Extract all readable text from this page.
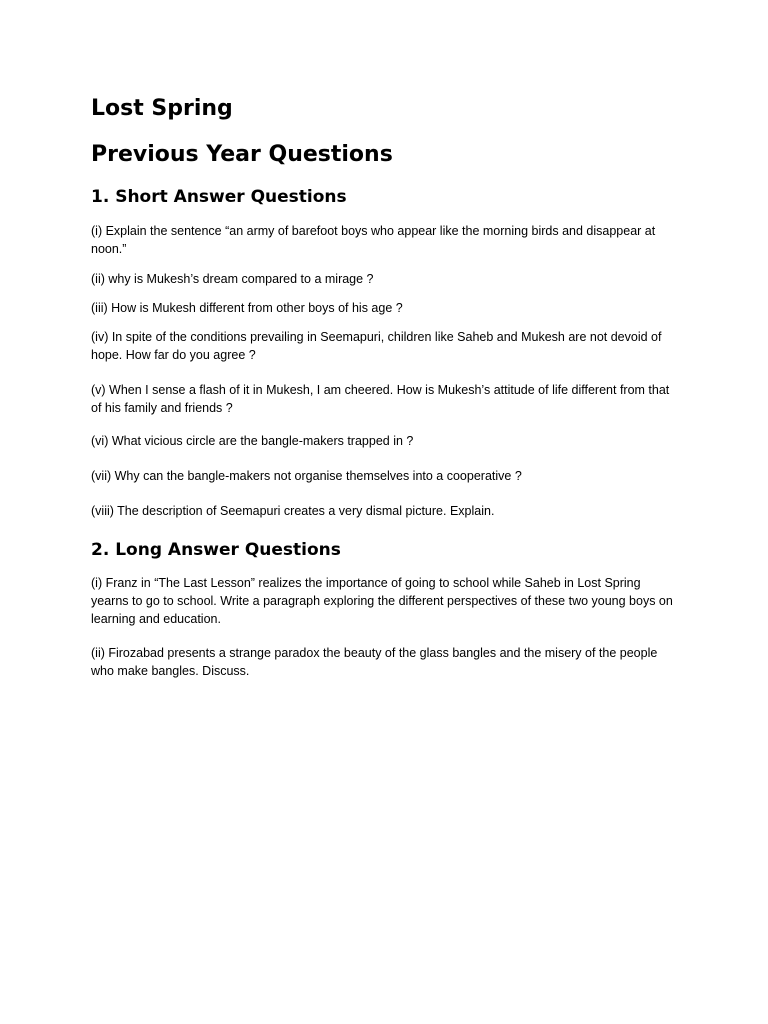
Lost Spring
Previous Year Questions
1. Short Answer Questions

(i) Explain the sentence “an army of barefoot boys who appear like the morning birds and disappear at noon.”

(ii) why is Mukesh’s dream compared to a mirage ?

(iii) How is Mukesh different from other boys of his age ?

(iv) In spite of the conditions prevailing in Seemapuri, children like Saheb and Mukesh are not devoid of hope. How far do you agree ?

(v) When I sense a flash of it in Mukesh, I am cheered. How is Mukesh’s attitude of life different from that of his family and friends ?

(vi) What vicious circle are the bangle-makers trapped in ?

(vii) Why can the bangle-makers not organise themselves into a cooperative ?

(viii) The description of Seemapuri creates a very dismal picture. Explain.

2. Long Answer Questions

(i) Franz in “The Last Lesson” realizes the importance of going to school while Saheb in Lost Spring yearns to go to school. Write a paragraph exploring the different perspectives of these two young boys on learning and education.

(ii) Firozabad presents a strange paradox the beauty of the glass bangles and the misery of the people who make bangles. Discuss.
